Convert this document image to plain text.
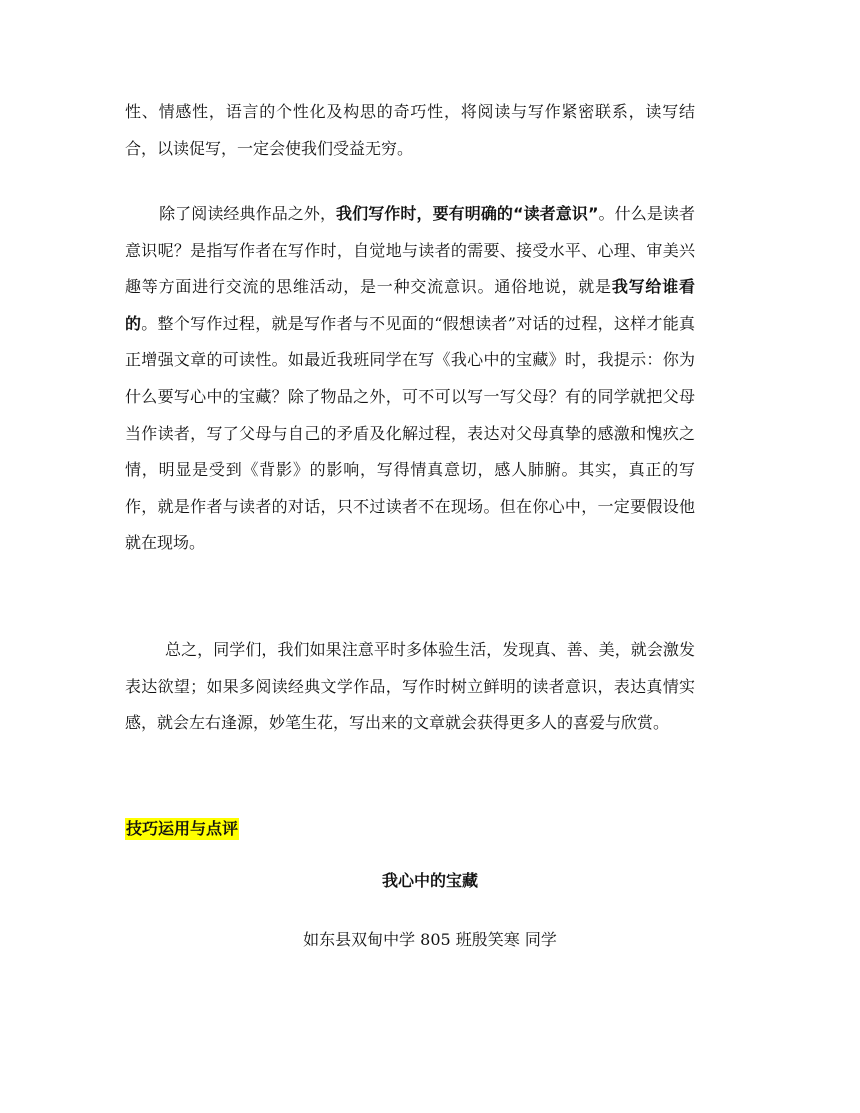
性、情感性，语言的个性化及构思的奇巧性，将阅读与写作紧密联系，读写结合，以读促写，一定会使我们受益无穷。

除了阅读经典作品之外，我们写作时，要有明确的“读者意识”。什么是读者意识呢？是指写作者在写作时，自觉地与读者的需要、接受水平、心理、审美兴趣等方面进行交流的思维活动，是一种交流意识。通俗地说，就是我写给谁看的。整个写作过程，就是写作者与不见面的“假想读者”对话的过程，这样才能真正增强文章的可读性。如最近我班同学在写《我心中的宝藏》时，我提示：你为什么要写心中的宝藏？除了物品之外，可不可以写一写父母？有的同学就把父母当作读者，写了父母与自己的矛盾及化解过程，表达对父母真挚的感激和愧疚之情，明显是受到《背影》的影响，写得情真意切，感人肺腑。其实，真正的写作，就是作者与读者的对话，只不过读者不在现场。但在你心中，一定要假设他就在现场。

总之，同学们，我们如果注意平时多体验生活，发现真、善、美，就会激发表达欲望；如果多阅读经典文学作品，写作时树立鲜明的读者意识，表达真情实感，就会左右逢源，妙笔生花，写出来的文章就会获得更多人的喜爱与欣赏。

技巧运用与点评
我心中的宝藏
如东县双甸中学 805 班殷笑寒 同学
